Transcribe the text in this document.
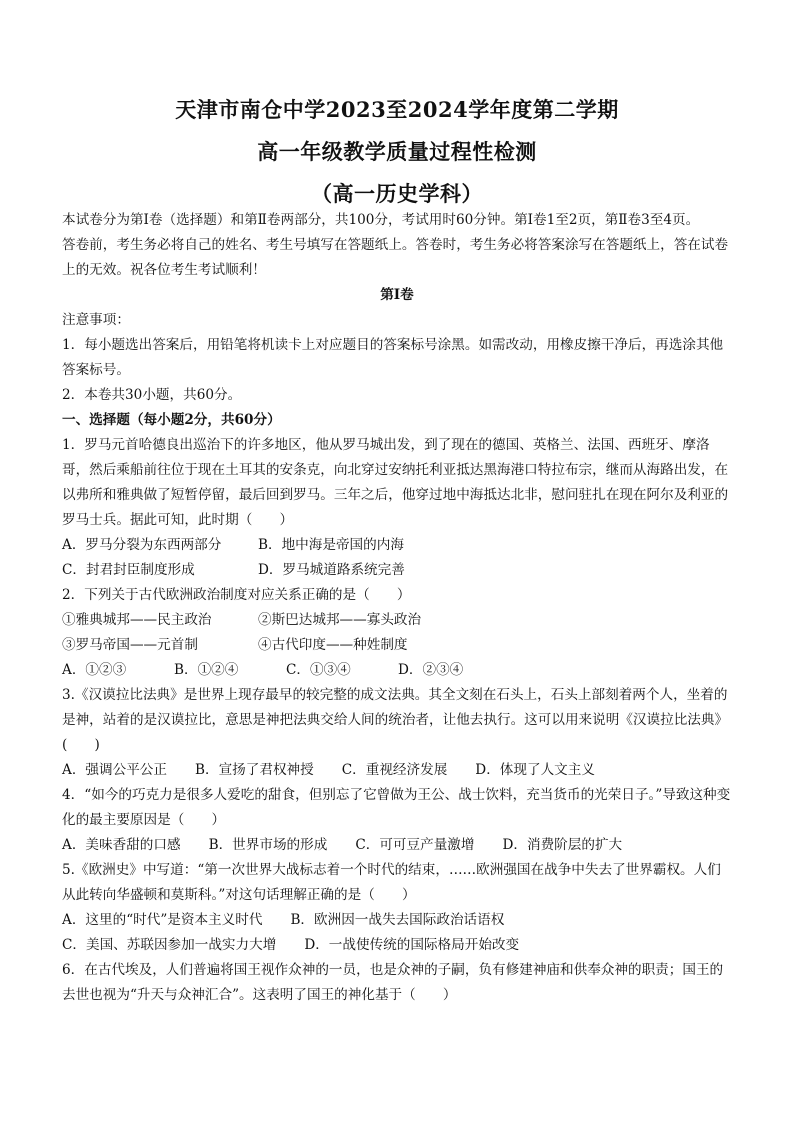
天津市南仓中学2023至2024学年度第二学期
高一年级教学质量过程性检测
（高一历史学科）

本试卷分为第Ⅰ卷（选择题）和第Ⅱ卷两部分，共100分，考试用时60分钟。第Ⅰ卷1至2页，第Ⅱ卷3至4页。

答卷前，考生务必将自己的姓名、考生号填写在答题纸上。答卷时，考生务必将答案涂写在答题纸上，答在试卷上的无效。祝各位考生考试顺利！

第Ⅰ卷

注意事项：

1．每小题选出答案后，用铅笔将机读卡上对应题目的答案标号涂黑。如需改动，用橡皮擦干净后，再选涂其他答案标号。

2．本卷共30小题，共60分。

一、选择题（每小题2分，共60分）

1．罗马元首哈德良出巡治下的许多地区，他从罗马城出发，到了现在的德国、英格兰、法国、西班牙、摩洛哥，然后乘船前往位于现在土耳其的安条克，向北穿过安纳托利亚抵达黑海港口特拉布宗，继而从海路出发，在以弗所和雅典做了短暂停留，最后回到罗马。三年之后，他穿过地中海抵达北非，慰问驻扎在现在阿尔及利亚的罗马士兵。据此可知，此时期（　　）

A．罗马分裂为东西两部分	B．地中海是帝国的内海
C．封君封臣制度形成	D．罗马城道路系统完善

2．下列关于古代欧洲政治制度对应关系正确的是（　　）

①雅典城邦——民主政治	②斯巴达城邦——寡头政治
③罗马帝国——元首制	④古代印度——种姓制度
A．①②③	B．①②④	C．①③④	D．②③④

3.《汉谟拉比法典》是世界上现存最早的较完整的成文法典。其全文刻在石头上，石头上部刻着两个人，坐着的是神，站着的是汉谟拉比，意思是神把法典交给人间的统治者，让他去执行。这可以用来说明《汉谟拉比法典》(　　)

A．强调公平公正 B．宣扬了君权神授 C．重视经济发展 D．体现了人文主义

4．“如今的巧克力是很多人爱吃的甜食，但别忘了它曾做为王公、战士饮料，充当货币的光荣日子。”导致这种变化的最主要原因是（　　）

A．美味香甜的口感 B．世界市场的形成 C．可可豆产量激增 D．消费阶层的扩大

5.《欧洲史》中写道：“第一次世界大战标志着一个时代的结束，……欧洲强国在战争中失去了世界霸权。人们从此转向华盛顿和莫斯科。”对这句话理解正确的是（　　）

A．这里的“时代”是资本主义时代 B．欧洲因一战失去国际政治话语权
C．美国、苏联因参加一战实力大增 D．一战使传统的国际格局开始改变

6．在古代埃及，人们普遍将国王视作众神的一员，也是众神的子嗣，负有修建神庙和供奉众神的职责；国王的去世也视为“升天与众神汇合”。这表明了国王的神化基于（　　）
